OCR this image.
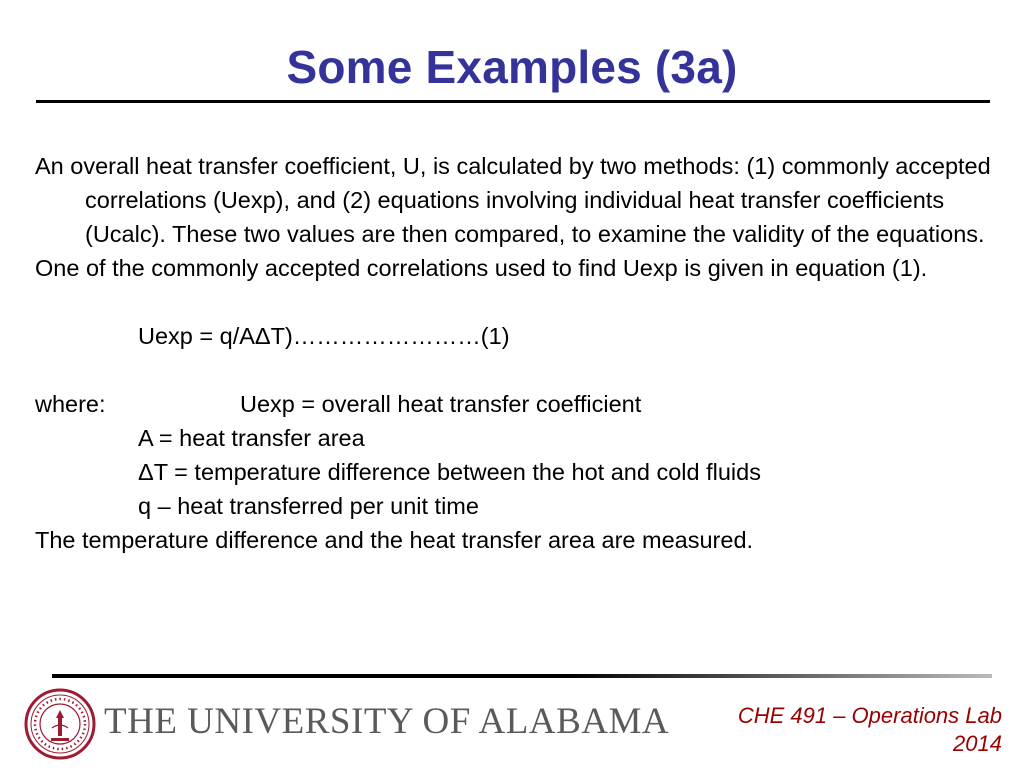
Some Examples (3a)

An overall heat transfer coefficient, U, is calculated by two methods: (1) commonly accepted correlations (Uexp), and (2) equations involving individual heat transfer coefficients (Ucalc). These two values are then compared, to examine the validity of the equations.

One of the commonly accepted correlations used to find Uexp is given in equation (1).

Uexp = q/AΔT)……………………(1)
where:	Uexp = overall heat transfer coefficient
A = heat transfer area
ΔT = temperature difference between the hot and cold fluids
q – heat transferred per unit time

The temperature difference and the heat transfer area are measured.

THE UNIVERSITY OF ALABAMA	CHE 491 – Operations Lab
2014
